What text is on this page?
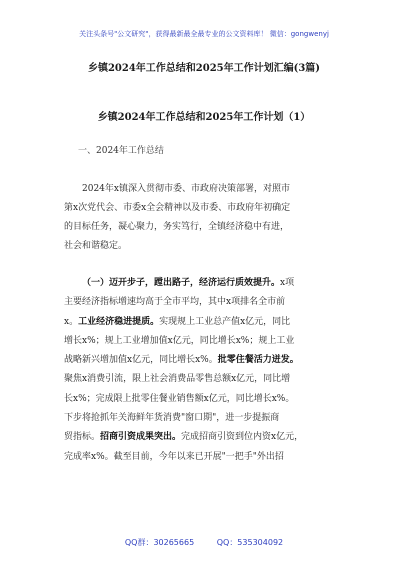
关注头条号"公文研究"，获得最新最全最专业的公文资料库！ 微信：gongwenyj
乡镇2024年工作总结和2025年工作计划汇编(3篇)
乡镇2024年工作总结和2025年工作计划（1）
一、2024年工作总结
2024年x镇深入贯彻市委、市政府决策部署，对照市
第x次党代会、市委x全会精神以及市委、市政府年初确定
的目标任务，凝心聚力，务实笃行，全镇经济稳中有进，
社会和谐稳定。
（一）迈开步子，蹚出路子，经济运行质效提升。x项
主要经济指标增速均高于全市平均，其中x项排名全市前
x。工业经济稳进提质。实现规上工业总产值x亿元，同比
增长x%；规上工业增加值x亿元，同比增长x%；规上工业
战略新兴增加值x亿元，同比增长x%。批零住餐活力迸发。
聚焦x消费引流，限上社会消费品零售总额x亿元，同比增
长x%；完成限上批零住餐业销售额x亿元，同比增长x%。
下步将抢抓年关海鲜年货消费"窗口期"，进一步提振商
贸指标。招商引资成果突出。完成招商引资到位内资x亿元，
完成率x%。截至目前，今年以来已开展"一把手"外出招
QQ群：30265665	QQ：535304092
